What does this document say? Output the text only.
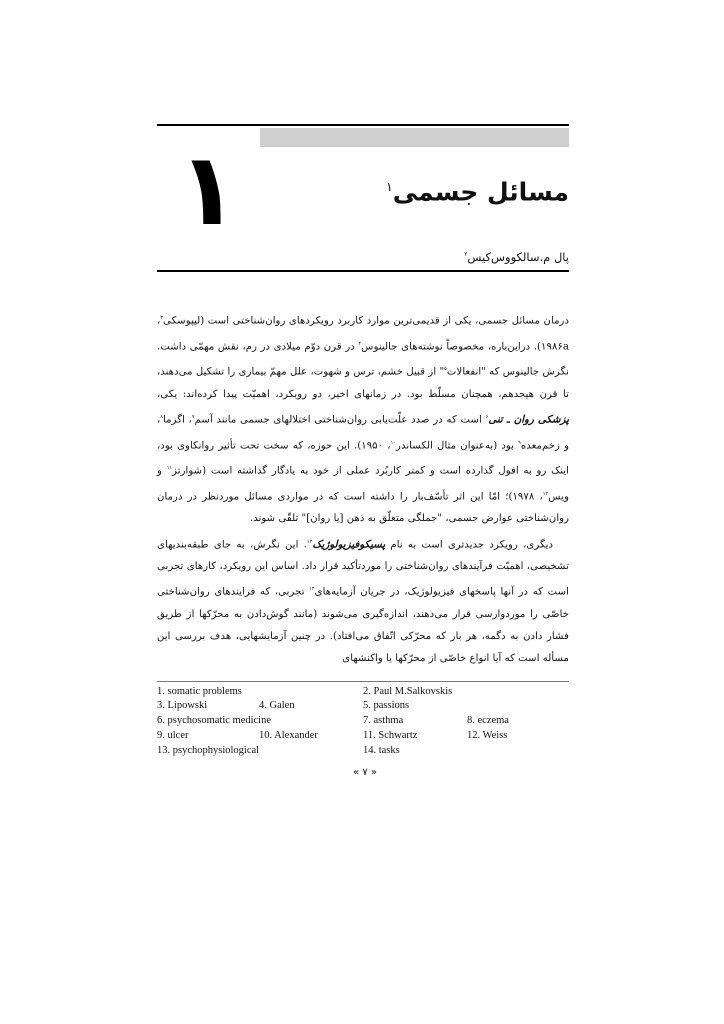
۱	مسائل جسمی$^۱$
پال م.سالکووس‌کیس$^۲$

درمان مسائل جسمی، یکی از قدیمی‌ترین موارد کاربرد رویکردهای روان‌شناختی است (لیپوسکی$^۳$، ۱۹۸۶a). دراین‌باره، مخصوصاً نوشته‌های جالینوس$^۴$ در قرن دوّم میلادی در رم، نقش مهمّی داشت. نگرش جالینوس که "انفعالات$^۵$" از قبیل خشم، ترس و شهوت، علل مهمّ بیماری را تشکیل می‌دهند، تا قرن هیجدهم، همچنان مسلّط بود. در زمانهای اخیر، دو رویکرد، اهمیّت پیدا کرده‌اند: یکی، پزشکی روان ـ تنی$^۶$ است که در صدد علّت‌یابی روان‌شناختی اختلالهای جسمی مانند آسم$^۷$، اگزما$^۸$، و زخم‌معده$^۹$ بود (به‌عنوان مثال الکساندر$^{۱۰}$، ۱۹۵۰). این حوزه، که سخت تحت تأثیر روانکاوی بود، اینک رو به افول گذارده است و کمتر کاربُرد عملی از خود به یادگار گذاشته است (شوارتز$^{۱۱}$ و ویس$^{۱۲}$، ۱۹۷۸)؛ امّا این اثر تأسّف‌بار را داشته است که در مواردی مسائل موردنظر در درمان روان‌شناختی عوارض جسمی، "جملگی متعلّق به ذهن [یا روان]" تلقّی شوند.

دیگری، رویکرد جدیدتری است به نام پسیکوفیزیولوژیک$^{۱۳}$. این نگرش، به جای طبقه‌بندیهای تشخیصی، اهمیّت فرآیندهای روان‌شناختی را موردتأکید قرار داد. اساس این رویکرد، کارهای تجربی است که در آنها پاسخهای فیزیولوژیک، در جریان آزمایه‌های$^{۱۴}$ تجربی، که فرایندهای روان‌شناختی خاصّی را موردوارسی قرار می‌دهند، اندازه‌گیری می‌شوند (مانند گوش‌دادن به محرّکها از طریق فشار دادن به دگمه، هر بار که محرّکی اتّفاق می‌افتاد). در چنین آزمایشهایی، هدف بررسی این مسأله است که آیا انواع خاصّی از محرّکها یا واکنشهای

1. somatic problems	2. Paul M.Salkovskis
3. Lipowski	4. Galen	5. passions
6. psychosomatic medicine	7. asthma	8. eczema
9. ulcer	10. Alexander	11. Schwartz	12. Weiss
13. psychophysiological	14. tasks
« ۷ »
